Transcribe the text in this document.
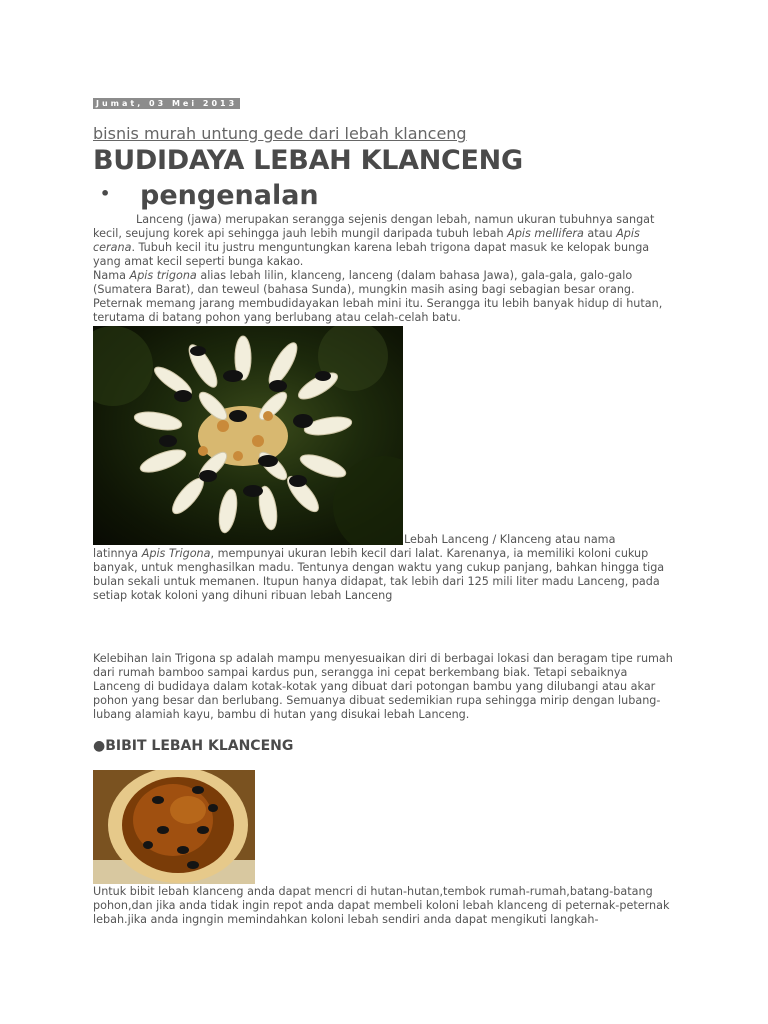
Jumat, 03 Mei 2013
bisnis murah untung gede dari lebah klanceng
BUDIDAYA LEBAH KLANCENG
• pengenalan

Lanceng (jawa) merupakan serangga sejenis dengan lebah, namun ukuran tubuhnya sangat kecil, seujung korek api sehingga jauh lebih mungil daripada tubuh lebah Apis mellifera atau Apis cerana. Tubuh kecil itu justru menguntungkan karena lebah trigona dapat masuk ke kelopak bunga yang amat kecil seperti bunga kakao.

Nama Apis trigona alias lebah lilin, klanceng, lanceng (dalam bahasa Jawa), gala-gala, galo-galo (Sumatera Barat), dan teweul (bahasa Sunda), mungkin masih asing bagi sebagian besar orang. Peternak memang jarang membudidayakan lebah mini itu. Serangga itu lebih banyak hidup di hutan, terutama di batang pohon yang berlubang atau celah-celah batu.

Lebah Lanceng / Klanceng atau nama

latinnya Apis Trigona, mempunyai ukuran lebih kecil dari lalat. Karenanya, ia memiliki koloni cukup banyak, untuk menghasilkan madu. Tentunya dengan waktu yang cukup panjang, bahkan hingga tiga bulan sekali untuk memanen. Itupun hanya didapat, tak lebih dari 125 mili liter madu Lanceng, pada setiap kotak koloni yang dihuni ribuan lebah Lanceng

Kelebihan lain Trigona sp adalah mampu menyesuaikan diri di berbagai lokasi dan beragam tipe rumah dari rumah bamboo sampai kardus pun, serangga ini cepat berkembang biak. Tetapi sebaiknya Lanceng di budidaya dalam kotak-kotak yang dibuat dari potongan bambu yang dilubangi atau akar pohon yang besar dan berlubang. Semuanya dibuat sedemikian rupa sehingga mirip dengan lubang-lubang alamiah kayu, bambu di hutan yang disukai lebah Lanceng.

●BIBIT LEBAH KLANCENG

Untuk bibit lebah klanceng anda dapat mencri di hutan-hutan,tembok rumah-rumah,batang-batang pohon,dan jika anda tidak ingin repot anda dapat membeli koloni lebah klanceng di peternak-peternak lebah.jika anda ingngin memindahkan koloni lebah sendiri anda dapat mengikuti langkah-
